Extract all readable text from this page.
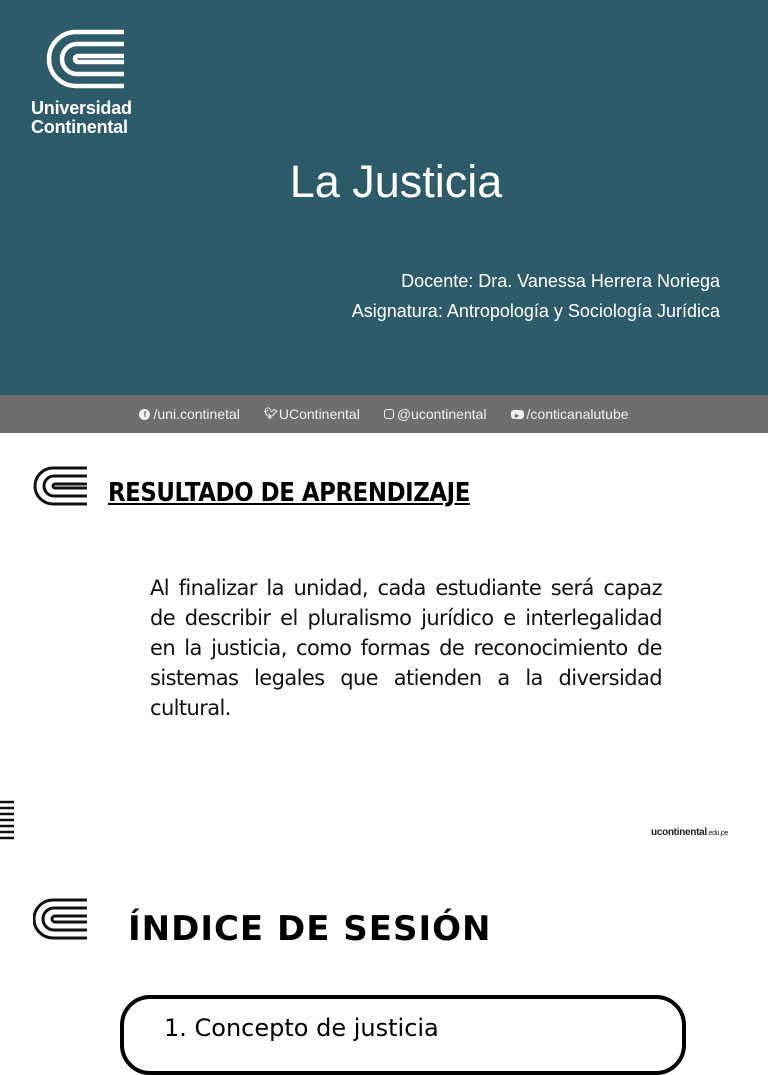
Universidad
Continental
La Justicia
Docente: Dra. Vanessa Herrera Noriega
Asignatura: Antropología y Sociología Jurídica
f /uni.continetal 🐦︎ UContinental	@ucontinental	▸ /conticanalutube
RESULTADO DE APRENDIZAJE
Al finalizar la unidad, cada estudiante será capaz de describir el pluralismo jurídico e interlegalidad en la justicia, como formas de reconocimiento de sistemas legales que atienden a la diversidad cultural.
ucontinental.edu.pe
ÍNDICE DE SESIÓN
1. Concepto de justicia
